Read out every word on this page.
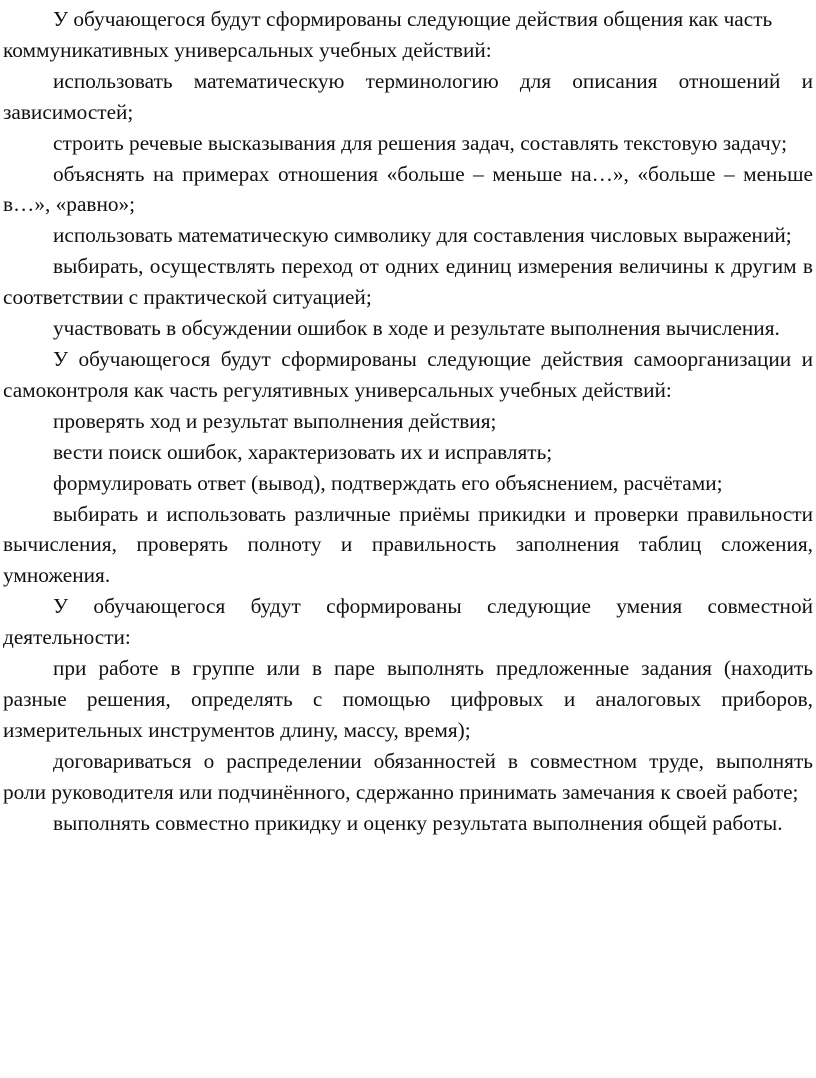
У обучающегося будут сформированы следующие действия общения как часть коммуникативных универсальных учебных действий:

использовать математическую терминологию для описания отношений и зависимостей;

строить речевые высказывания для решения задач, составлять текстовую задачу;

объяснять на примерах отношения «больше – меньше на…», «больше – меньше в…», «равно»;

использовать математическую символику для составления числовых выражений;

выбирать, осуществлять переход от одних единиц измерения величины к другим в соответствии с практической ситуацией;

участвовать в обсуждении ошибок в ходе и результате выполнения вычисления.

У обучающегося будут сформированы следующие действия самоорганизации и самоконтроля как часть регулятивных универсальных учебных действий:

проверять ход и результат выполнения действия;

вести поиск ошибок, характеризовать их и исправлять;

формулировать ответ (вывод), подтверждать его объяснением, расчётами;

выбирать и использовать различные приёмы прикидки и проверки правильности вычисления, проверять полноту и правильность заполнения таблиц сложения, умножения.

У обучающегося будут сформированы следующие умения совместной деятельности:

при работе в группе или в паре выполнять предложенные задания (находить разные решения, определять с помощью цифровых и аналоговых приборов, измерительных инструментов длину, массу, время);

договариваться о распределении обязанностей в совместном труде, выполнять роли руководителя или подчинённого, сдержанно принимать замечания к своей работе;

выполнять совместно прикидку и оценку результата выполнения общей работы.
